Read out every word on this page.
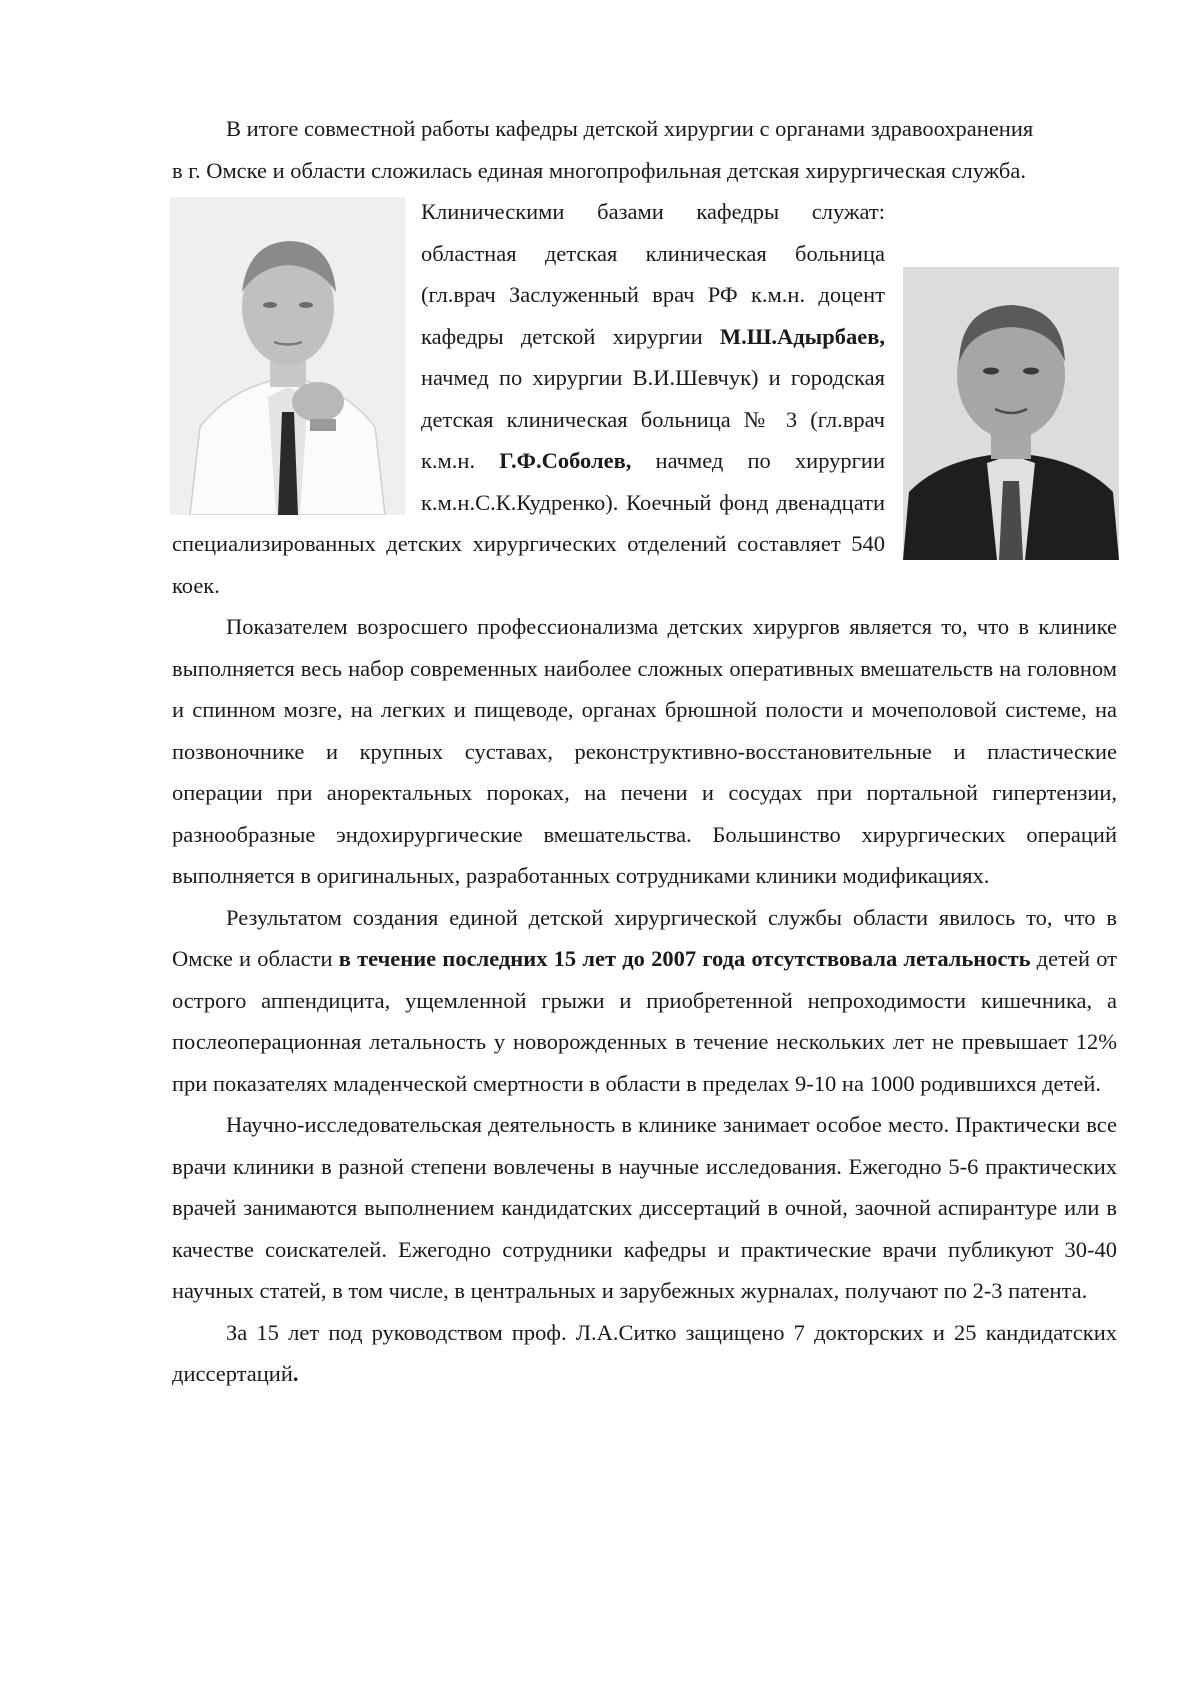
В итоге совместной работы кафедры детской хирургии с органами здравоохранения
в г. Омске и области сложилась единая многопрофильная детская хирургическая служба.
Клиническими базами кафедры служат: областная детская клиническая больница (гл.врач Заслуженный врач РФ к.м.н. доцент кафедры детской хирургии М.Ш.Адырбаев, начмед по хирургии В.И.Шевчук) и городская детская клиническая больница № 3 (гл.врач к.м.н. Г.Ф.Соболев, начмед по хирургии к.м.н.С.К.Кудренко). Коечный фонд двенадцати специализированных детских хирургических отделений составляет 540 коек.

Показателем возросшего профессионализма детских хирургов является то, что в клинике выполняется весь набор современных наиболее сложных оперативных вмешательств на головном и спинном мозге, на легких и пищеводе, органах брюшной полости и мочеполовой системе, на позвоночнике и крупных суставах, реконструктивно-восстановительные и пластические операции при аноректальных пороках, на печени и сосудах при портальной гипертензии, разнообразные эндохирургические вмешательства. Большинство хирургических операций выполняется в оригинальных, разработанных сотрудниками клиники модификациях.

Результатом создания единой детской хирургической службы области явилось то, что в Омске и области в течение последних 15 лет до 2007 года отсутствовала летальность детей от острого аппендицита, ущемленной грыжи и приобретенной непроходимости кишечника, а послеоперационная летальность у новорожденных в течение нескольких лет не превышает 12% при показателях младенческой смертности в области в пределах 9-10 на 1000 родившихся детей.

Научно-исследовательская деятельность в клинике занимает особое место. Практически все врачи клиники в разной степени вовлечены в научные исследования. Ежегодно 5-6 практических врачей занимаются выполнением кандидатских диссертаций в очной, заочной аспирантуре или в качестве соискателей. Ежегодно сотрудники кафедры и практические врачи публикуют 30-40 научных статей, в том числе, в центральных и зарубежных журналах, получают по 2-3 патента.

За 15 лет под руководством проф. Л.А.Ситко защищено 7 докторских и 25 кандидатских диссертаций.
